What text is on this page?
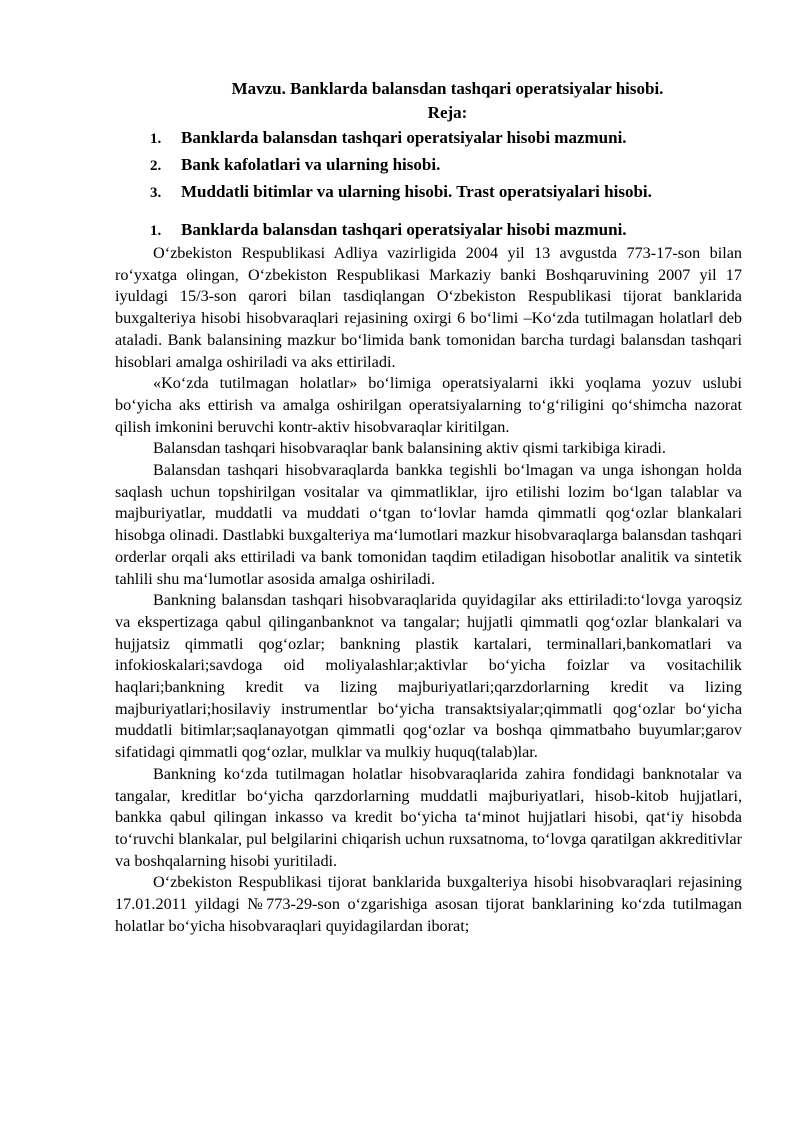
Mavzu. Banklarda balansdan tashqari operatsiyalar hisobi.
Reja:
1. Banklarda balansdan tashqari operatsiyalar hisobi mazmuni.
2. Bank kafolatlari va ularning hisobi.
3. Muddatli bitimlar va ularning hisobi. Trast operatsiyalari hisobi.
1. Banklarda balansdan tashqari operatsiyalar hisobi mazmuni.

O‘zbekiston Respublikasi Adliya vazirligida 2004 yil 13 avgustda 773-17-son bilan ro‘yxatga olingan, O‘zbekiston Respublikasi Markaziy banki Boshqaruvining 2007 yil 17 iyuldagi 15/3-son qarori bilan tasdiqlangan O‘zbekiston Respublikasi tijorat banklarida buxgalteriya hisobi hisobvaraqlari rejasining oxirgi 6 bo‘limi –Ko‘zda tutilmagan holatlar‖ deb ataladi. Bank balansining mazkur bo‘limida bank tomonidan barcha turdagi balansdan tashqari hisoblari amalga oshiriladi va aks ettiriladi.

«Ko‘zda tutilmagan holatlar» bo‘limiga operatsiyalarni ikki yoqlama yozuv uslubi bo‘yicha aks ettirish va amalga oshirilgan operatsiyalarning to‘g‘riligini qo‘shimcha nazorat qilish imkonini beruvchi kontr-aktiv hisobvaraqlar kiritilgan.

Balansdan tashqari hisobvaraqlar bank balansining aktiv qismi tarkibiga kiradi.

Balansdan tashqari hisobvaraqlarda bankka tegishli bo‘lmagan va unga ishongan holda saqlash uchun topshirilgan vositalar va qimmatliklar, ijro etilishi lozim bo‘lgan talablar va majburiyatlar, muddatli va muddati o‘tgan to‘lovlar hamda qimmatli qog‘ozlar blankalari hisobga olinadi. Dastlabki buxgalteriya ma‘lumotlari mazkur hisobvaraqlarga balansdan tashqari orderlar orqali aks ettiriladi va bank tomonidan taqdim etiladigan hisobotlar analitik va sintetik tahlili shu ma‘lumotlar asosida amalga oshiriladi.

Bankning balansdan tashqari hisobvaraqlarida quyidagilar aks ettiriladi:to‘lovga yaroqsiz va ekspertizaga qabul qilinganbanknot va tangalar; hujjatli qimmatli qog‘ozlar blankalari va hujjatsiz qimmatli qog‘ozlar; bankning plastik kartalari, terminallari,bankomatlari va infokioskalari;savdoga oid moliyalashlar;aktivlar bo‘yicha foizlar va vositachilik haqlari;bankning kredit va lizing majburiyatlari;qarzdorlarning kredit va lizing majburiyatlari;hosilaviy instrumentlar bo‘yicha transaktsiyalar;qimmatli qog‘ozlar bo‘yicha muddatli bitimlar;saqlanayotgan qimmatli qog‘ozlar va boshqa qimmatbaho buyumlar;garov sifatidagi qimmatli qog‘ozlar, mulklar va mulkiy huquq(talab)lar.

Bankning ko‘zda tutilmagan holatlar hisobvaraqlarida zahira fondidagi banknotalar va tangalar, kreditlar bo‘yicha qarzdorlarning muddatli majburiyatlari, hisob-kitob hujjatlari, bankka qabul qilingan inkasso va kredit bo‘yicha ta‘minot hujjatlari hisobi, qat‘iy hisobda to‘ruvchi blankalar, pul belgilarini chiqarish uchun ruxsatnoma, to‘lovga qaratilgan akkreditivlar va boshqalarning hisobi yuritiladi.

O‘zbekiston Respublikasi tijorat banklarida buxgalteriya hisobi hisobvaraqlari rejasining 17.01.2011 yildagi №773-29-son o‘zgarishiga asosan tijorat banklarining ko‘zda tutilmagan holatlar bo‘yicha hisobvaraqlari quyidagilardan iborat;
